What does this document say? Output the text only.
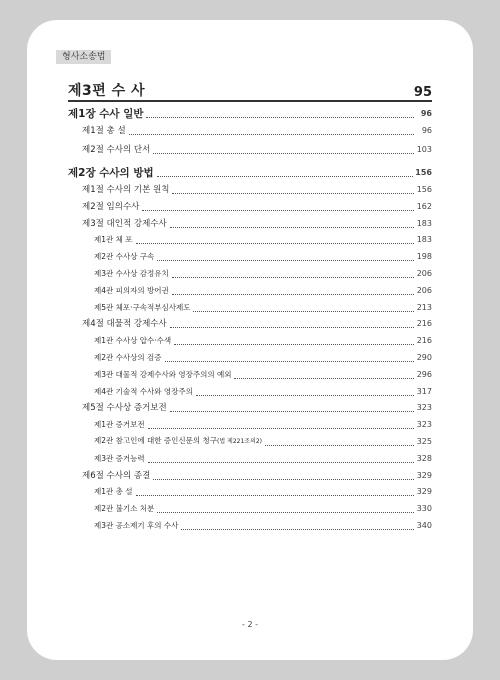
형사소송법
제3편 수 사	95
제1장 수사 일반	96
제1절 총 설	96
제2절 수사의 단서	103
제2장 수사의 방법	156
제1절 수사의 기본 원칙	156
제2절 임의수사	162
제3절 대인적 강제수사	183
제1관 체 포	183
제2관 수사상 구속	198
제3관 수사상 감정유치	206
제4관 피의자의 방어권	206
제5관 체포·구속적부심사제도	213
제4절 대물적 강제수사	216
제1관 수사상 압수·수색	216
제2관 수사상의 검증	290
제3관 대물적 강제수사와 영장주의의 예외	296
제4관 기술적 수사와 영장주의	317
제5절 수사상 증거보전	323
제1관 증거보전	323
제2관 참고인에 대한 증인신문의 청구(법 제221조의2)	325
제3관 증거능력	328
제6절 수사의 종결	329
제1관 총 설	329
제2관 불기소 처분	330
제3관 공소제기 후의 수사	340
- 2 -
